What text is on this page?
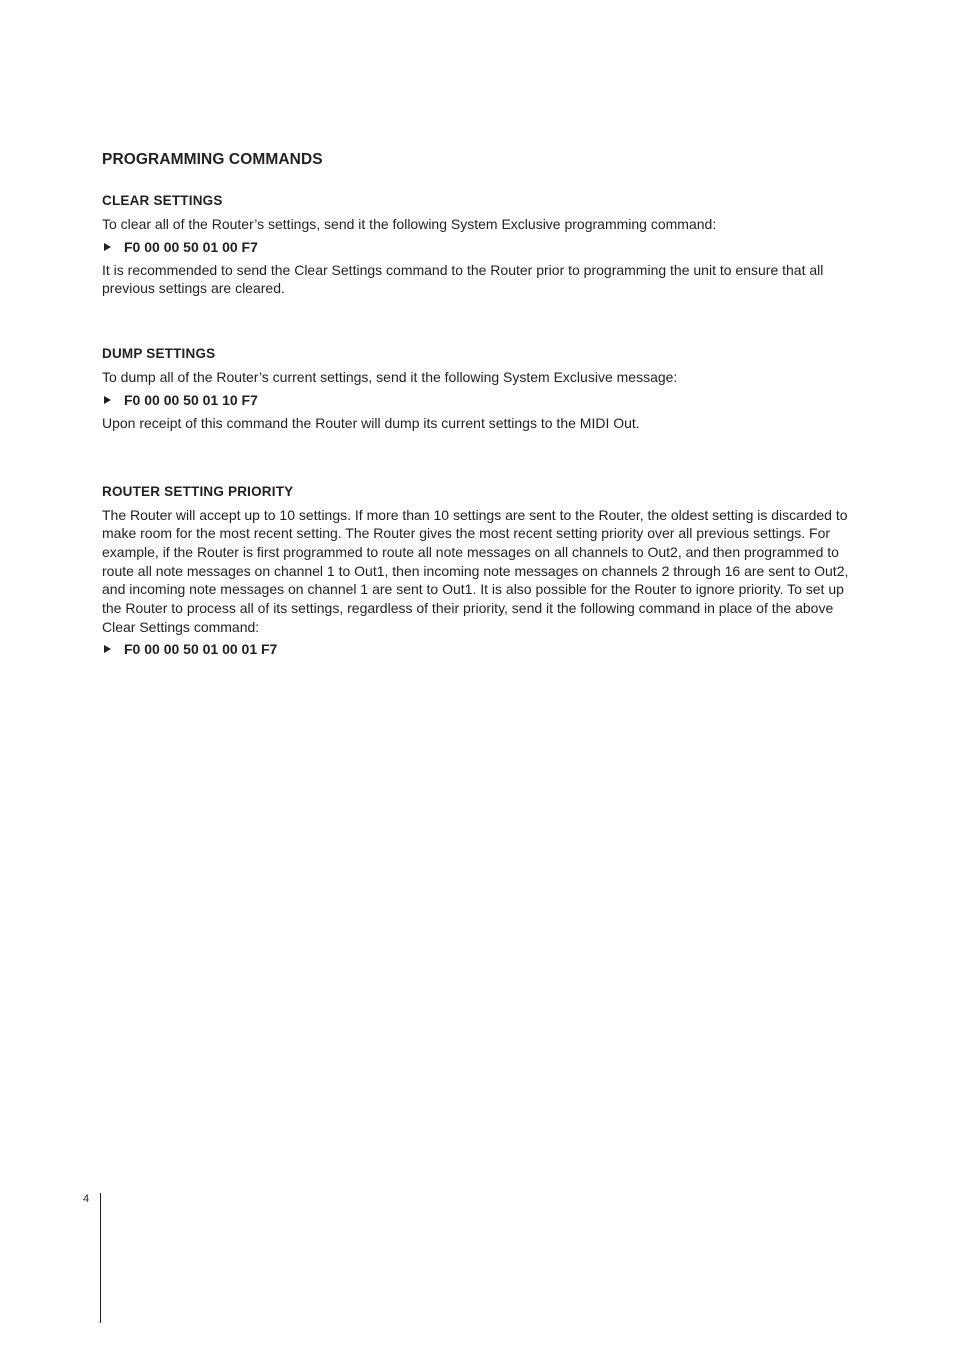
PROGRAMMING COMMANDS
CLEAR SETTINGS
To clear all of the Router’s settings, send it the following System Exclusive programming command:
F0 00 00 50 01 00 F7
It is recommended to send the Clear Settings command to the Router prior to programming the unit to ensure that all previous settings are cleared.
DUMP SETTINGS
To dump all of the Router’s current settings, send it the following System Exclusive message:
F0 00 00 50 01 10 F7
Upon receipt of this command the Router will dump its current settings to the MIDI Out.
ROUTER SETTING PRIORITY
The Router will accept up to 10 settings. If more than 10 settings are sent to the Router, the oldest setting is discarded to make room for the most recent setting. The Router gives the most recent setting priority over all previous settings. For example, if the Router is first programmed to route all note messages on all channels to Out2, and then programmed to route all note messages on channel 1 to Out1, then incoming note messages on channels 2 through 16 are sent to Out2, and incoming note messages on channel 1 are sent to Out1. It is also possible for the Router to ignore priority. To set up the Router to process all of its settings, regardless of their priority, send it the following command in place of the above Clear Settings command:
F0 00 00 50 01 00 01 F7
4
